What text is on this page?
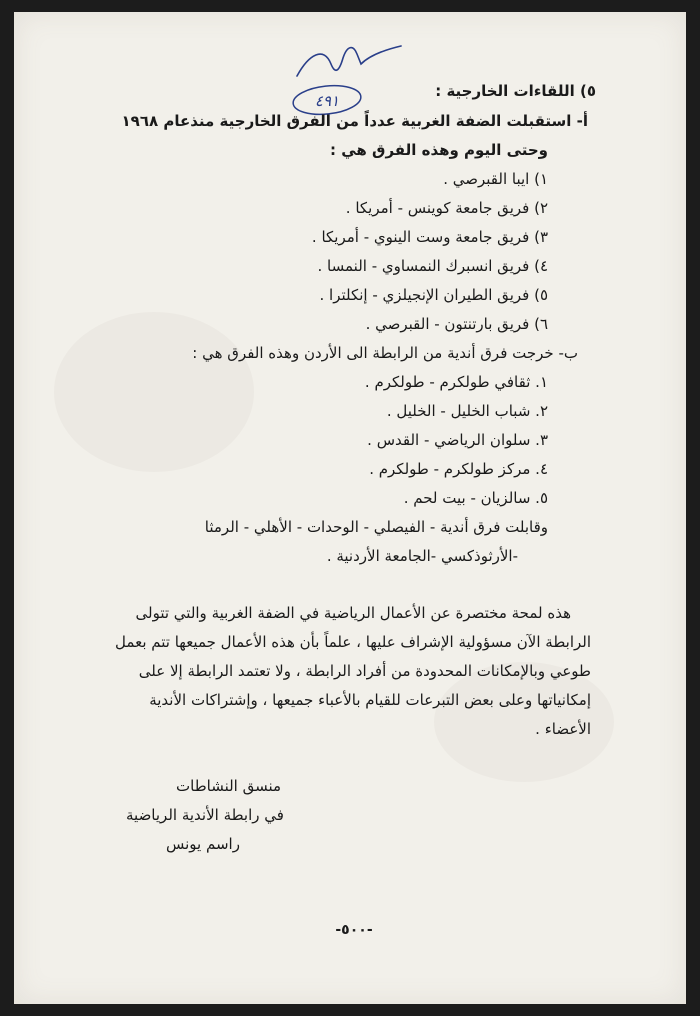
٤٩١
٥) اللقاءات الخارجية :
أ- استقبلت الضفة الغربية عدداً من الفرق الخارجية منذعام ١٩٦٨
وحتى اليوم وهذه الفرق هي :
١) ايبا القبرصي .
٢) فريق جامعة كوينس - أمريكا .
٣) فريق جامعة وست الينوي - أمريكا .
٤) فريق انسبرك النمساوي - النمسا .
٥) فريق الطيران الإنجيلزي - إنكلترا .
٦) فريق بارتنتون - القبرصي .
ب- خرجت فرق أندية من الرابطة الى الأردن وهذه الفرق هي :
١. ثقافي طولكرم - طولكرم .
٢. شباب الخليل - الخليل .
٣. سلوان الرياضي - القدس .
٤. مركز طولكرم - طولكرم .
٥. سالزيان - بيت لحم .
وقابلت فرق أندية - الفيصلي - الوحدات - الأهلي - الرمثا
-الأرثوذكسي -الجامعة الأردنية .
هذه لمحة مختصرة عن الأعمال الرياضية في الضفة الغربية والتي تتولى
الرابطة الآن مسؤولية الإشراف عليها ، علماً بأن هذه الأعمال جميعها تتم بعمل
طوعي وبالإمكانات المحدودة من أفراد الرابطة ، ولا تعتمد الرابطة إلا على
إمكانياتها وعلى بعض التبرعات للقيام بالأعباء جميعها ، وإشتراكات الأندية
الأعضاء .
منسق النشاطات
في رابطة الأندية الرياضية
راسم يونس
-٥٠٠-
